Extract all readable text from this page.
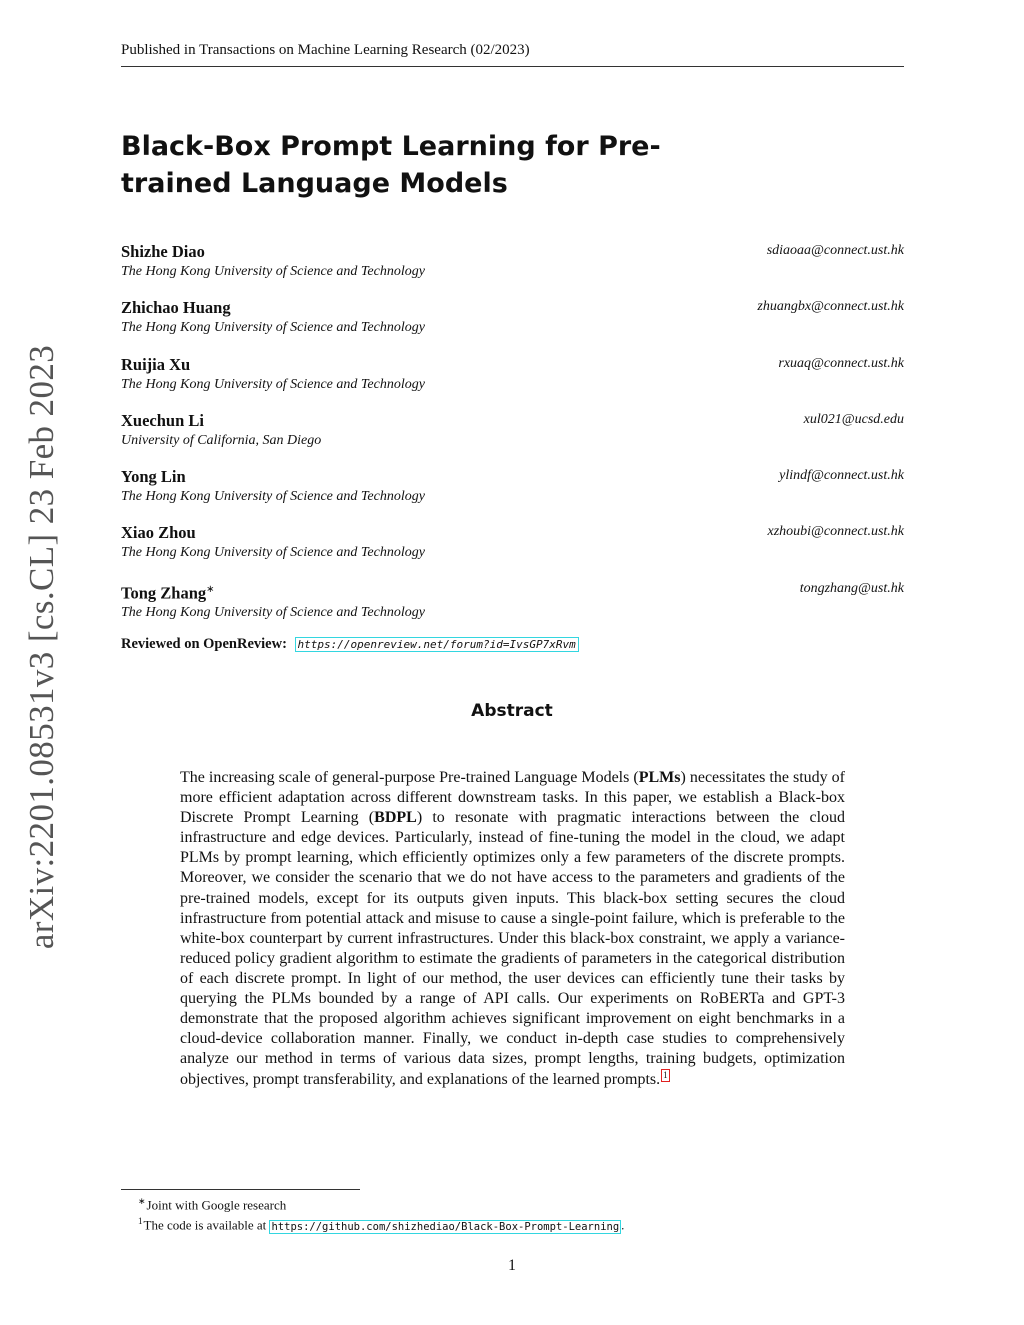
Published in Transactions on Machine Learning Research (02/2023)
Black-Box Prompt Learning for Pre-trained Language Models
Shizhe Diao
The Hong Kong University of Science and Technology
sdiaoaa@connect.ust.hk
Zhichao Huang
The Hong Kong University of Science and Technology
zhuangbx@connect.ust.hk
Ruijia Xu
The Hong Kong University of Science and Technology
rxuaq@connect.ust.hk
Xuechun Li
University of California, San Diego
xul021@ucsd.edu
Yong Lin
The Hong Kong University of Science and Technology
ylindf@connect.ust.hk
Xiao Zhou
The Hong Kong University of Science and Technology
xzhoubi@connect.ust.hk
Tong Zhang∗
The Hong Kong University of Science and Technology
tongzhang@ust.hk
Reviewed on OpenReview: https://openreview.net/forum?id=IvsGP7xRvm
Abstract

The increasing scale of general-purpose Pre-trained Language Models (PLMs) necessitates the study of more efficient adaptation across different downstream tasks. In this paper, we establish a Black-box Discrete Prompt Learning (BDPL) to resonate with pragmatic interactions between the cloud infrastructure and edge devices. Particularly, instead of fine-tuning the model in the cloud, we adapt PLMs by prompt learning, which efficiently optimizes only a few parameters of the discrete prompts. Moreover, we consider the scenario that we do not have access to the parameters and gradients of the pre-trained models, except for its outputs given inputs. This black-box setting secures the cloud infrastructure from potential attack and misuse to cause a single-point failure, which is preferable to the white-box counterpart by current infrastructures. Under this black-box constraint, we apply a variance-reduced policy gradient algorithm to estimate the gradients of parameters in the categorical distribution of each discrete prompt. In light of our method, the user devices can efficiently tune their tasks by querying the PLMs bounded by a range of API calls. Our experiments on RoBERTa and GPT-3 demonstrate that the proposed algorithm achieves significant improvement on eight benchmarks in a cloud-device collaboration manner. Finally, we conduct in-depth case studies to comprehensively analyze our method in terms of various data sizes, prompt lengths, training budgets, optimization objectives, prompt transferability, and explanations of the learned prompts. 1

∗Joint with Google research
$^1$The code is available at https://github.com/shizhediao/Black-Box-Prompt-Learning .
1
arXiv:2201.08531v3 [cs.CL] 23 Feb 2023
